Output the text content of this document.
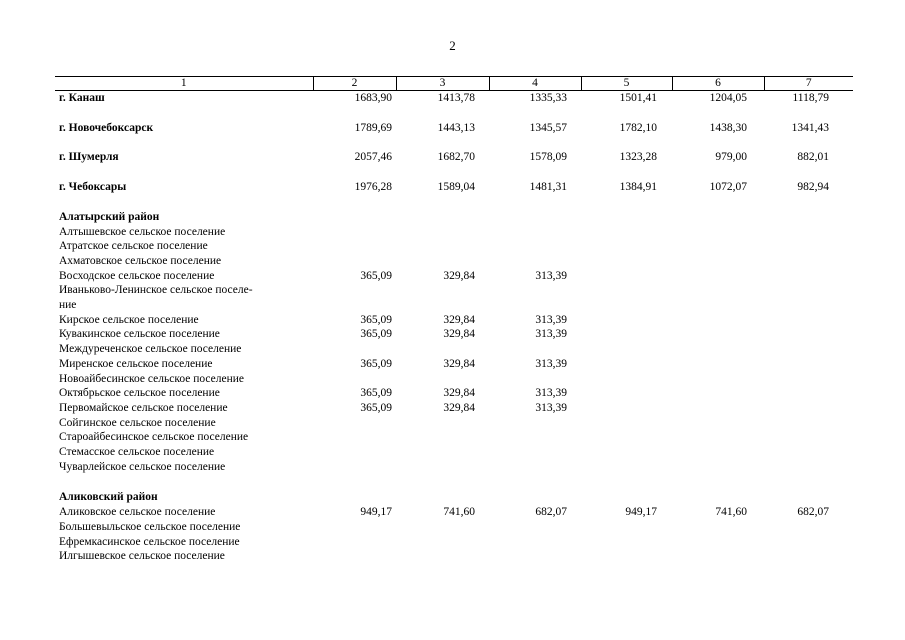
2
1	2	3	4	5	6	7
г. Канаш	1683,90	1413,78	1335,33	1501,41	1204,05	1118,79

г. Новочебоксарск	1789,69	1443,13	1345,57	1782,10	1438,30	1341,43

г. Шумерля	2057,46	1682,70	1578,09	1323,28	979,00	882,01

г. Чебоксары	1976,28	1589,04	1481,31	1384,91	1072,07	982,94

Алатырский район						
Алтышевское сельское поселение						
Атратское сельское поселение						
Ахматовское сельское поселение						
Восходское сельское поселение	365,09	329,84	313,39			
Иваньково-Ленинское сельское поселе-						
ние						
Кирское сельское поселение	365,09	329,84	313,39			
Кувакинское сельское поселение	365,09	329,84	313,39			
Междуреченское сельское поселение						
Миренское сельское поселение	365,09	329,84	313,39			
Новоайбесинское сельское поселение						
Октябрьское сельское поселение	365,09	329,84	313,39			
Первомайское сельское поселение	365,09	329,84	313,39			
Сойгинское сельское поселение						
Староайбесинское сельское поселение						
Стемасское сельское поселение						
Чуварлейское сельское поселение						

Аликовский район						
Аликовское сельское поселение	949,17	741,60	682,07	949,17	741,60	682,07
Большевыльское сельское поселение						
Ефремкасинское сельское поселение						
Илгышевское сельское поселение						
